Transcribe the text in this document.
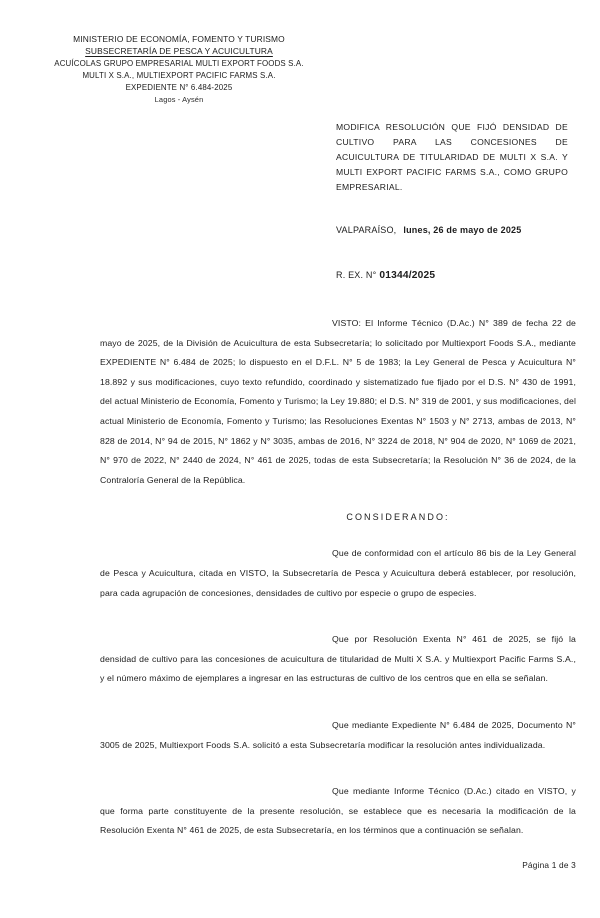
MINISTERIO DE ECONOMÍA, FOMENTO Y TURISMO
SUBSECRETARÍA DE PESCA Y ACUICULTURA
ACUÍCOLAS GRUPO EMPRESARIAL MULTI EXPORT FOODS S.A.
MULTI X S.A., MULTIEXPORT PACIFIC FARMS S.A.
EXPEDIENTE N° 6.484-2025
Lagos - Aysén
MODIFICA RESOLUCIÓN QUE FIJÓ DENSIDAD DE CULTIVO PARA LAS CONCESIONES DE ACUICULTURA DE TITULARIDAD DE MULTI X S.A. Y MULTI EXPORT PACIFIC FARMS S.A., COMO GRUPO EMPRESARIAL.
VALPARAÍSO, lunes, 26 de mayo de 2025
R. EX. N° 01344/2025

VISTO: El Informe Técnico (D.Ac.) N° 389 de fecha 22 de mayo de 2025, de la División de Acuicultura de esta Subsecretaría; lo solicitado por Multiexport Foods S.A., mediante EXPEDIENTE N° 6.484 de 2025; lo dispuesto en el D.F.L. N° 5 de 1983; la Ley General de Pesca y Acuicultura N° 18.892 y sus modificaciones, cuyo texto refundido, coordinado y sistematizado fue fijado por el D.S. N° 430 de 1991, del actual Ministerio de Economía, Fomento y Turismo; la Ley 19.880; el D.S. N° 319 de 2001, y sus modificaciones, del actual Ministerio de Economía, Fomento y Turismo; las Resoluciones Exentas N° 1503 y N° 2713, ambas de 2013, N° 828 de 2014, N° 94 de 2015, N° 1862 y N° 3035, ambas de 2016, N° 3224 de 2018, N° 904 de 2020, N° 1069 de 2021, N° 970 de 2022, N° 2440 de 2024, N° 461 de 2025, todas de esta Subsecretaría; la Resolución N° 36 de 2024, de la Contraloría General de la República.

CONSIDERANDO:

Que de conformidad con el artículo 86 bis de la Ley General de Pesca y Acuicultura, citada en VISTO, la Subsecretaría de Pesca y Acuicultura deberá establecer, por resolución, para cada agrupación de concesiones, densidades de cultivo por especie o grupo de especies.

Que por Resolución Exenta N° 461 de 2025, se fijó la densidad de cultivo para las concesiones de acuicultura de titularidad de Multi X S.A. y Multiexport Pacific Farms S.A., y el número máximo de ejemplares a ingresar en las estructuras de cultivo de los centros que en ella se señalan.

Que mediante Expediente N° 6.484 de 2025, Documento N° 3005 de 2025, Multiexport Foods S.A. solicitó a esta Subsecretaría modificar la resolución antes individualizada.

Que mediante Informe Técnico (D.Ac.) citado en VISTO, y que forma parte constituyente de la presente resolución, se establece que es necesaria la modificación de la Resolución Exenta N° 461 de 2025, de esta Subsecretaría, en los términos que a continuación se señalan.

Página 1 de 3
